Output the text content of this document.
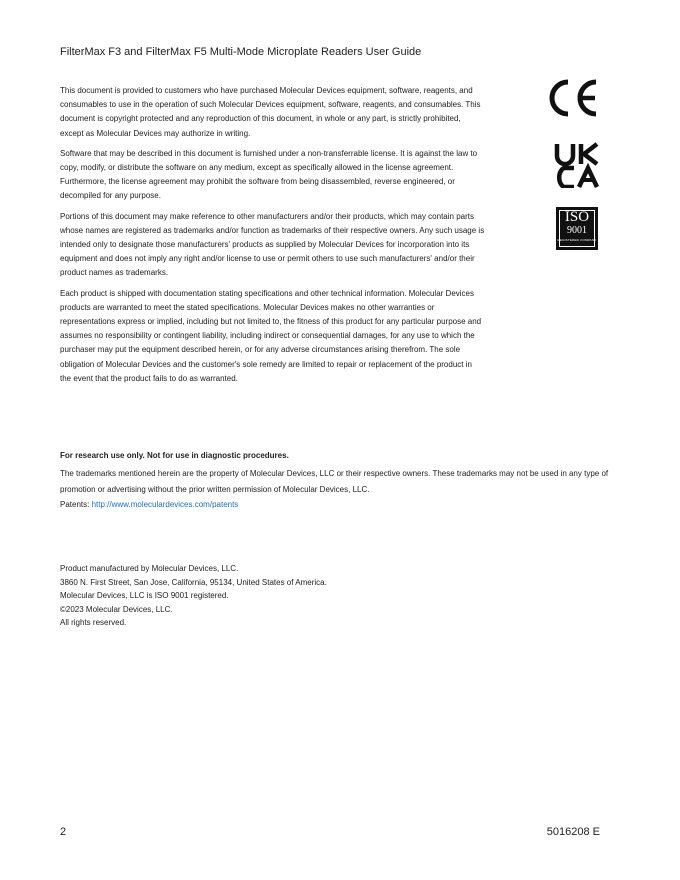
FilterMax F3 and FilterMax F5 Multi-Mode Microplate Readers User Guide

This document is provided to customers who have purchased Molecular Devices equipment, software, reagents, and consumables to use in the operation of such Molecular Devices equipment, software, reagents, and consumables. This document is copyright protected and any reproduction of this document, in whole or any part, is strictly prohibited, except as Molecular Devices may authorize in writing.

Software that may be described in this document is furnished under a non-transferrable license. It is against the law to copy, modify, or distribute the software on any medium, except as specifically allowed in the license agreement. Furthermore, the license agreement may prohibit the software from being disassembled, reverse engineered, or decompiled for any purpose.

Portions of this document may make reference to other manufacturers and/or their products, which may contain parts whose names are registered as trademarks and/or function as trademarks of their respective owners. Any such usage is intended only to designate those manufacturers' products as supplied by Molecular Devices for incorporation into its equipment and does not imply any right and/or license to use or permit others to use such manufacturers' and/or their product names as trademarks.

Each product is shipped with documentation stating specifications and other technical information. Molecular Devices products are warranted to meet the stated specifications. Molecular Devices makes no other warranties or representations express or implied, including but not limited to, the fitness of this product for any particular purpose and assumes no responsibility or contingent liability, including indirect or consequential damages, for any use to which the purchaser may put the equipment described herein, or for any adverse circumstances arising therefrom. The sole obligation of Molecular Devices and the customer's sole remedy are limited to repair or replacement of the product in the event that the product fails to do as warranted.

ISO
9001
REGISTERED COMPANY
For research use only. Not for use in diagnostic procedures.
The trademarks mentioned herein are the property of Molecular Devices, LLC or their respective owners. These trademarks may not be used in any type of promotion or advertising without the prior written permission of Molecular Devices, LLC.
Patents: http://www.moleculardevices.com/patents
Product manufactured by Molecular Devices, LLC.
3860 N. First Street, San Jose, California, 95134, United States of America.
Molecular Devices, LLC is ISO 9001 registered.
©2023 Molecular Devices, LLC.
All rights reserved.
2	5016208 E
